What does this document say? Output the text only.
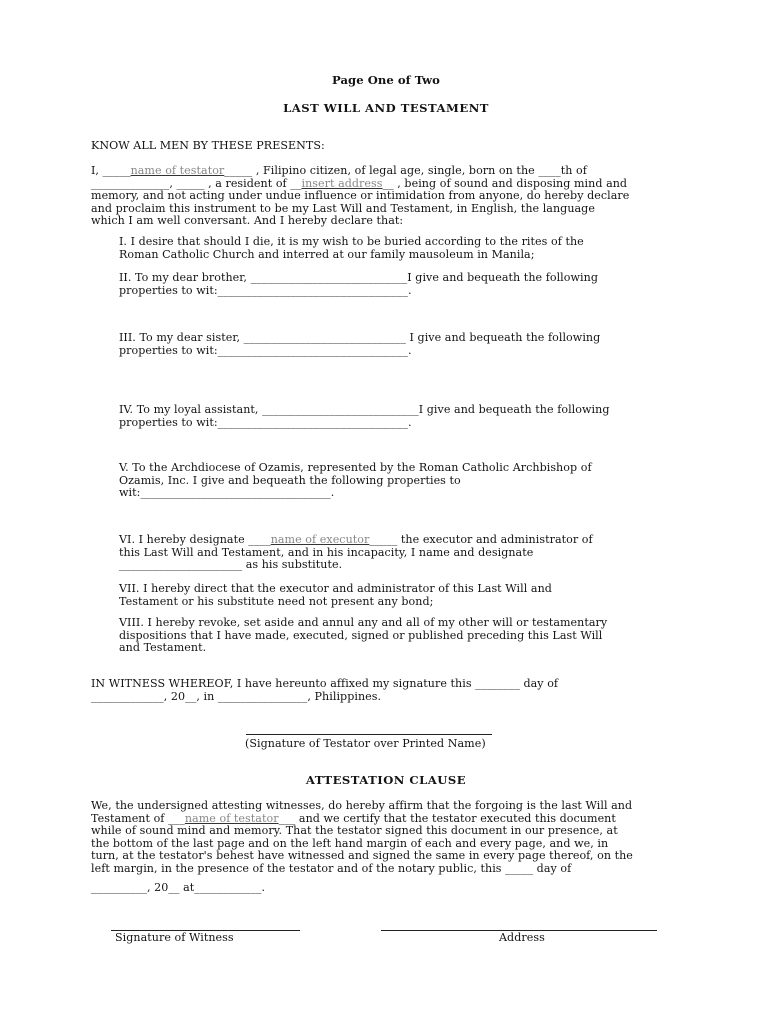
Page One of Two
LAST WILL AND TESTAMENT
KNOW ALL MEN BY THESE PRESENTS:
I, _____name of testator_____ , Filipino citizen, of legal age, single, born on the ____th of
______________, _____ , a resident of __insert address__ , being of sound and disposing mind and
memory, and not acting under undue influence or intimidation from anyone, do hereby declare
and proclaim this instrument to be my Last Will and Testament, in English, the language
which I am well conversant. And I hereby declare that:
I. I desire that should I die, it is my wish to be buried according to the rites of the
Roman Catholic Church and interred at our family mausoleum in Manila;
II. To my dear brother, ____________________________I give and bequeath the following
properties to wit:__________________________________.
III. To my dear sister, _____________________________ I give and bequeath the following
properties to wit:__________________________________.
IV. To my loyal assistant, ____________________________I give and bequeath the following
properties to wit:__________________________________.
V. To the Archdiocese of Ozamis, represented by the Roman Catholic Archbishop of
Ozamis, Inc. I give and bequeath the following properties to
wit:__________________________________.
VI. I hereby designate ____name of executor_____ the executor and administrator of
this Last Will and Testament, and in his incapacity, I name and designate
______________________ as his substitute.
VII. I hereby direct that the executor and administrator of this Last Will and
Testament or his substitute need not present any bond;
VIII. I hereby revoke, set aside and annul any and all of my other will or testamentary
dispositions that I have made, executed, signed or published preceding this Last Will
and Testament.
IN WITNESS WHEREOF, I have hereunto affixed my signature this ________ day of
_____________, 20__, in ________________, Philippines.
(Signature of Testator over Printed Name)
ATTESTATION CLAUSE
We, the undersigned attesting witnesses, do hereby affirm that the forgoing is the last Will and
Testament of ___name of testator___ and we certify that the testator executed this document
while of sound mind and memory. That the testator signed this document in our presence, at
the bottom of the last page and on the left hand margin of each and every page, and we, in
turn, at the testator's behest have witnessed and signed the same in every page thereof, on the
left margin, in the presence of the testator and of the notary public, this _____ day of
__________, 20__ at____________.
Signature of Witness	Address
